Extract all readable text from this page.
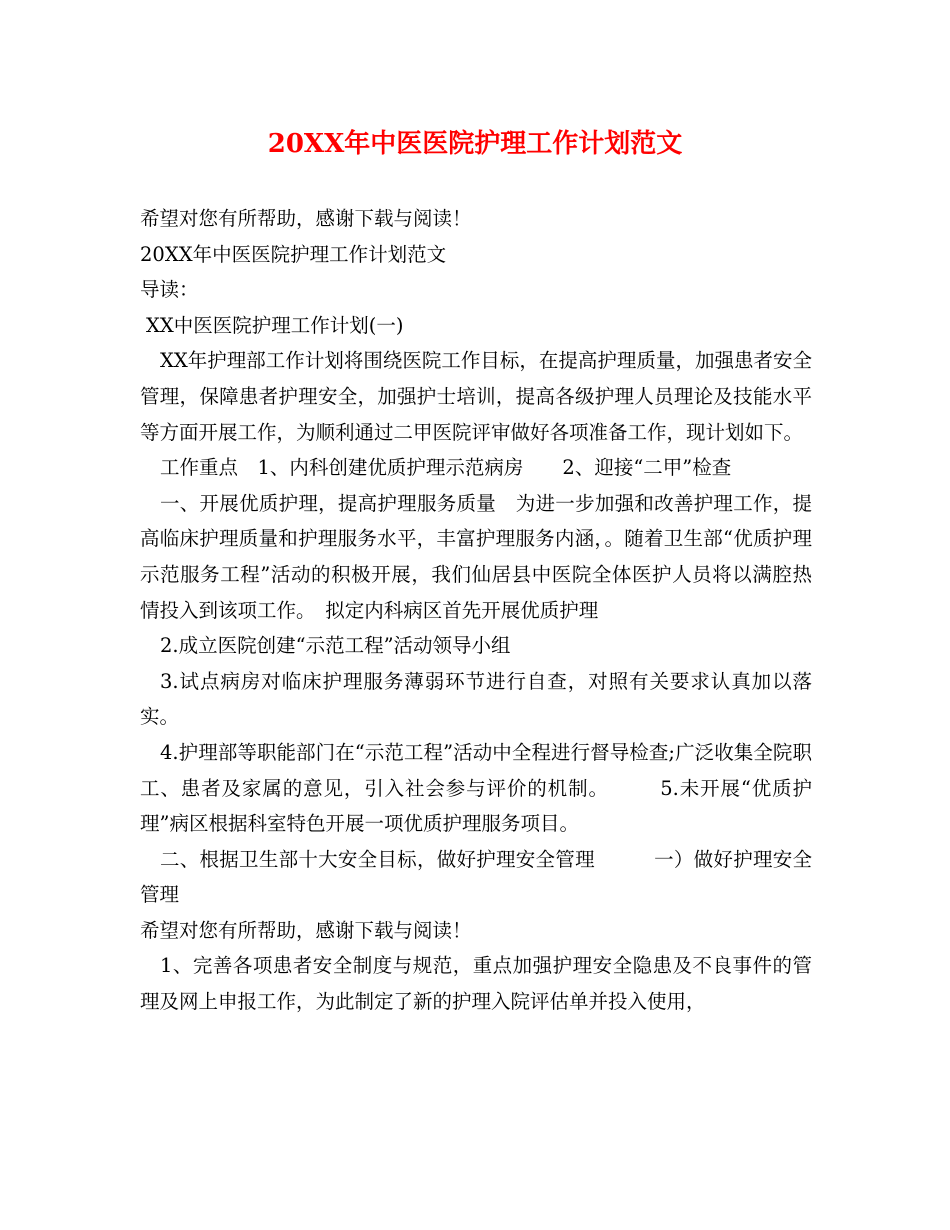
20XX年中医医院护理工作计划范文

希望对您有所帮助，感谢下载与阅读！

20XX年中医医院护理工作计划范文

导读：

XX中医医院护理工作计划(一)

XX年护理部工作计划将围绕医院工作目标，在提高护理质量，加强患者安全管理，保障患者护理安全，加强护士培训，提高各级护理人员理论及技能水平等方面开展工作，为顺利通过二甲医院评审做好各项准备工作，现计划如下。

工作重点　1、内科创建优质护理示范病房　　2、迎接“二甲”检查

一、开展优质护理，提高护理服务质量　为进一步加强和改善护理工作，提高临床护理质量和护理服务水平，丰富护理服务内涵，。随着卫生部“优质护理示范服务工程”活动的积极开展，我们仙居县中医院全体医护人员将以满腔热情投入到该项工作。　拟定内科病区首先开展优质护理

2.成立医院创建“示范工程”活动领导小组

3.试点病房对临床护理服务薄弱环节进行自查，对照有关要求认真加以落实。

4.护理部等职能部门在“示范工程”活动中全程进行督导检查;广泛收集全院职工、患者及家属的意见，引入社会参与评价的机制。　　　5.未开展“优质护理”病区根据科室特色开展一项优质护理服务项目。

二、根据卫生部十大安全目标，做好护理安全管理　　　一）做好护理安全管理

希望对您有所帮助，感谢下载与阅读！

1、完善各项患者安全制度与规范，重点加强护理安全隐患及不良事件的管理及网上申报工作，为此制定了新的护理入院评估单并投入使用，
